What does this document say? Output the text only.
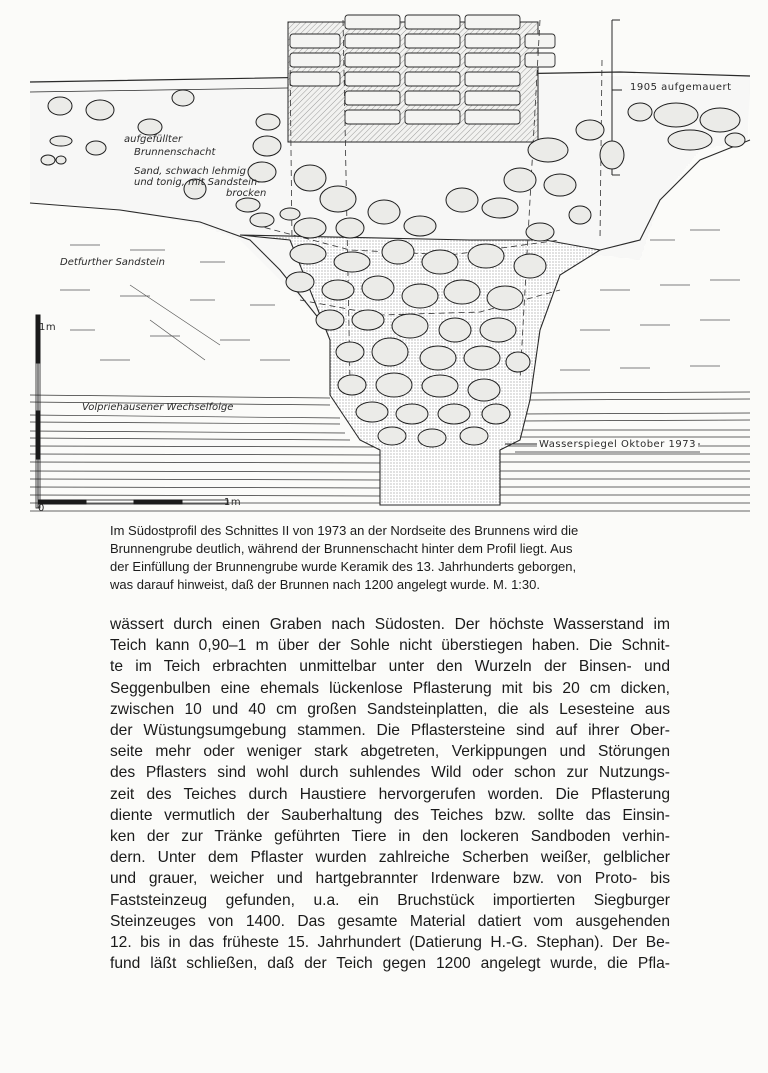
1905 aufgemauert
aufgefüllter
Brunnenschacht
Sand, schwach lehmig
und tonig, mit Sandstein-
brocken
Detfurther Sandstein
Volpriehausener Wechselfolge
Wasserspiegel Oktober 1973
1m
0
1m

Im Südostprofil des Schnittes II von 1973 an der Nordseite des Brunnens wird die

Brunnengrube deutlich, während der Brunnenschacht hinter dem Profil liegt. Aus

der Einfüllung der Brunnengrube wurde Keramik des 13. Jahrhunderts geborgen,

was darauf hinweist, daß der Brunnen nach 1200 angelegt wurde. M. 1:30.

wässert durch einen Graben nach Südosten. Der höchste Wasserstand im
Teich kann 0,90–1 m über der Sohle nicht überstiegen haben. Die Schnit-
te im Teich erbrachten unmittelbar unter den Wurzeln der Binsen- und
Seggenbulben eine ehemals lückenlose Pflasterung mit bis 20 cm dicken,
zwischen 10 und 40 cm großen Sandsteinplatten, die als Lesesteine aus
der Wüstungsumgebung stammen. Die Pflastersteine sind auf ihrer Ober-
seite mehr oder weniger stark abgetreten, Verkippungen und Störungen
des Pflasters sind wohl durch suhlendes Wild oder schon zur Nutzungs-
zeit des Teiches durch Haustiere hervorgerufen worden. Die Pflasterung
diente vermutlich der Sauberhaltung des Teiches bzw. sollte das Einsin-
ken der zur Tränke geführten Tiere in den lockeren Sandboden verhin-
dern. Unter dem Pflaster wurden zahlreiche Scherben weißer, gelblicher
und grauer, weicher und hartgebrannter Irdenware bzw. von Proto- bis
Faststeinzeug gefunden, u.a. ein Bruchstück importierten Siegburger
Steinzeuges von 1400. Das gesamte Material datiert vom ausgehenden
12. bis in das früheste 15. Jahrhundert (Datierung H.-G. Stephan). Der Be-
fund läßt schließen, daß der Teich gegen 1200 angelegt wurde, die Pfla-
